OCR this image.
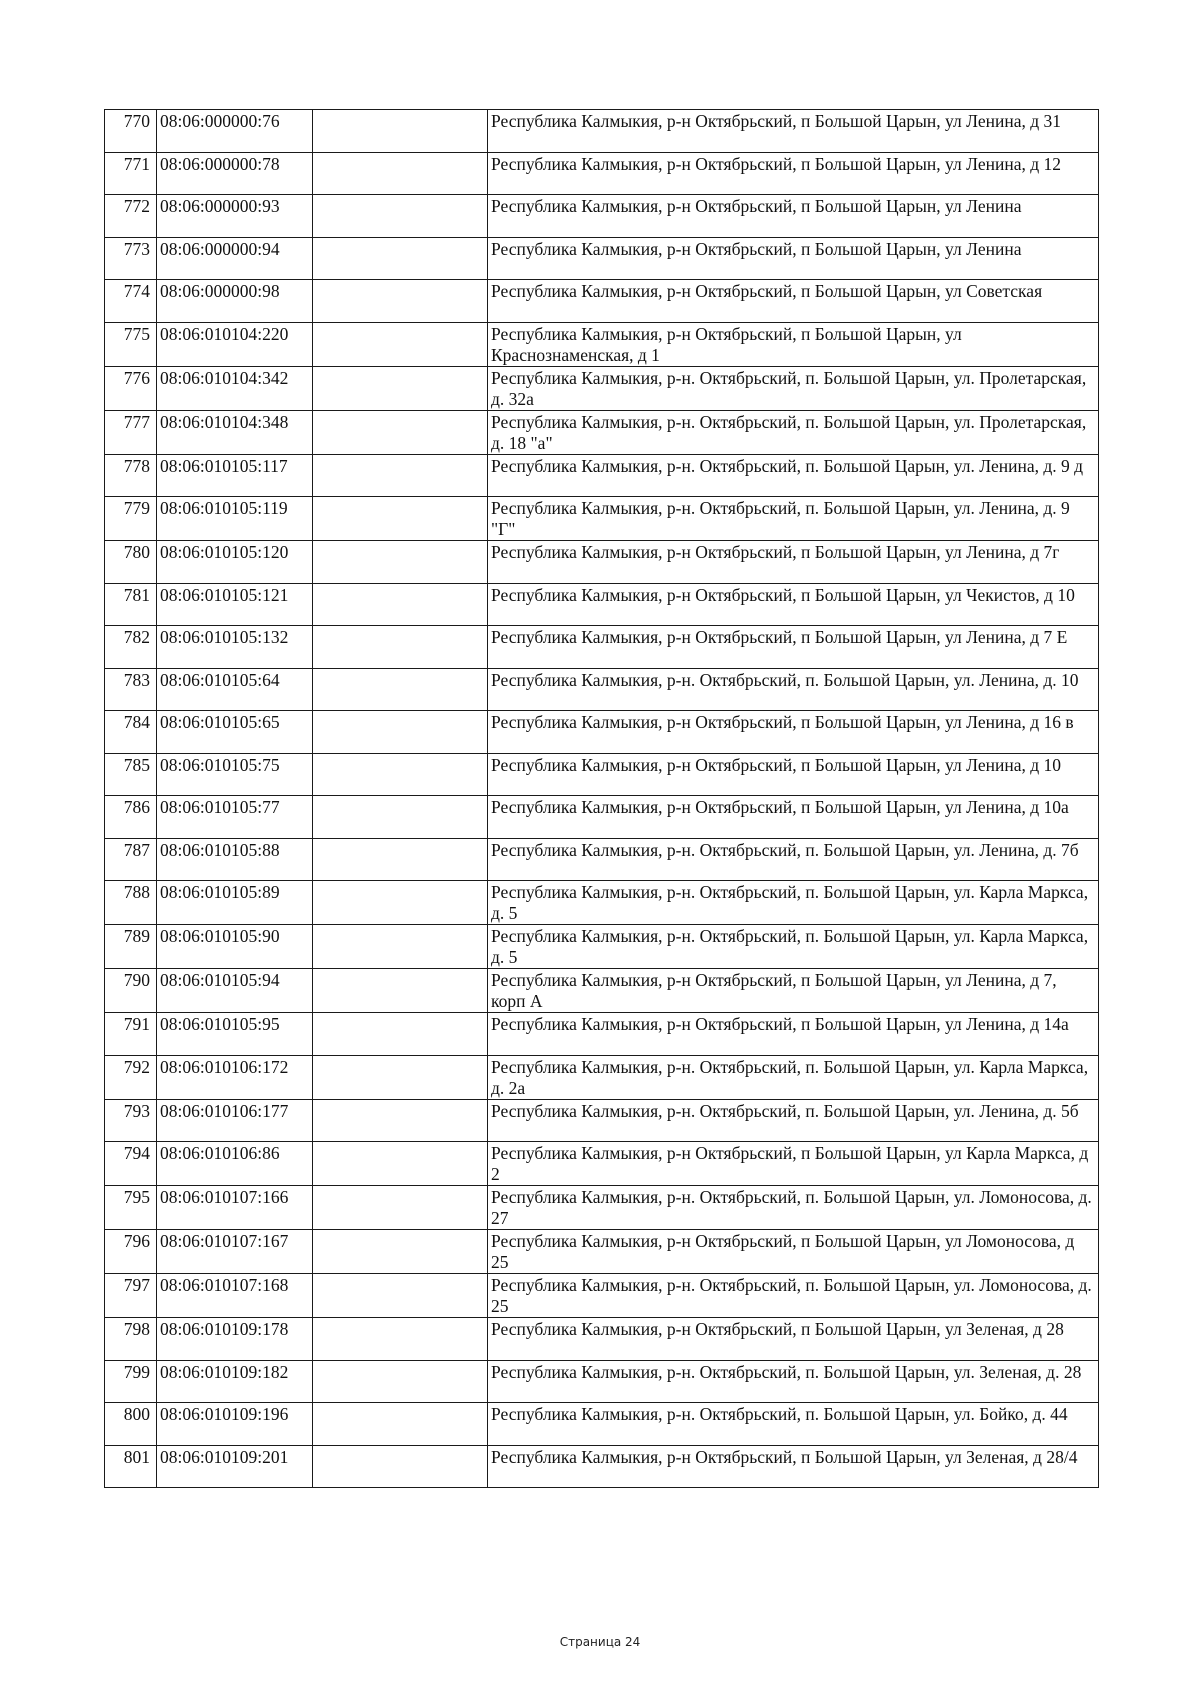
770	08:06:000000:76		Республика Калмыкия, р-н Октябрьский, п Большой Царын, ул Ленина, д 31
771	08:06:000000:78		Республика Калмыкия, р-н Октябрьский, п Большой Царын, ул Ленина, д 12
772	08:06:000000:93		Республика Калмыкия, р-н Октябрьский, п Большой Царын, ул Ленина
773	08:06:000000:94		Республика Калмыкия, р-н Октябрьский, п Большой Царын, ул Ленина
774	08:06:000000:98		Республика Калмыкия, р-н Октябрьский, п Большой Царын, ул Советская
775	08:06:010104:220		Республика Калмыкия, р-н Октябрьский, п Большой Царын, ул Краснознаменская, д 1
776	08:06:010104:342		Республика Калмыкия, р-н. Октябрьский, п. Большой Царын, ул. Пролетарская, д. 32а
777	08:06:010104:348		Республика Калмыкия, р-н. Октябрьский, п. Большой Царын, ул. Пролетарская, д. 18 "а"
778	08:06:010105:117		Республика Калмыкия, р-н. Октябрьский, п. Большой Царын, ул. Ленина, д. 9 д
779	08:06:010105:119		Республика Калмыкия, р-н. Октябрьский, п. Большой Царын, ул. Ленина, д. 9 "Г"
780	08:06:010105:120		Республика Калмыкия, р-н Октябрьский, п Большой Царын, ул Ленина, д 7г
781	08:06:010105:121		Республика Калмыкия, р-н Октябрьский, п Большой Царын, ул Чекистов, д 10
782	08:06:010105:132		Республика Калмыкия, р-н Октябрьский, п Большой Царын, ул Ленина, д 7 Е
783	08:06:010105:64		Республика Калмыкия, р-н. Октябрьский, п. Большой Царын, ул. Ленина, д. 10
784	08:06:010105:65		Республика Калмыкия, р-н Октябрьский, п Большой Царын, ул Ленина, д 16 в
785	08:06:010105:75		Республика Калмыкия, р-н Октябрьский, п Большой Царын, ул Ленина, д 10
786	08:06:010105:77		Республика Калмыкия, р-н Октябрьский, п Большой Царын, ул Ленина, д 10а
787	08:06:010105:88		Республика Калмыкия, р-н. Октябрьский, п. Большой Царын, ул. Ленина, д. 7б
788	08:06:010105:89		Республика Калмыкия, р-н. Октябрьский, п. Большой Царын, ул. Карла Маркса, д. 5
789	08:06:010105:90		Республика Калмыкия, р-н. Октябрьский, п. Большой Царын, ул. Карла Маркса, д. 5
790	08:06:010105:94		Республика Калмыкия, р-н Октябрьский, п Большой Царын, ул Ленина, д 7, корп А
791	08:06:010105:95		Республика Калмыкия, р-н Октябрьский, п Большой Царын, ул Ленина, д 14а
792	08:06:010106:172		Республика Калмыкия, р-н. Октябрьский, п. Большой Царын, ул. Карла Маркса, д. 2а
793	08:06:010106:177		Республика Калмыкия, р-н. Октябрьский, п. Большой Царын, ул. Ленина, д. 5б
794	08:06:010106:86		Республика Калмыкия, р-н Октябрьский, п Большой Царын, ул Карла Маркса, д 2
795	08:06:010107:166		Республика Калмыкия, р-н. Октябрьский, п. Большой Царын, ул. Ломоносова, д. 27
796	08:06:010107:167		Республика Калмыкия, р-н Октябрьский, п Большой Царын, ул Ломоносова, д 25
797	08:06:010107:168		Республика Калмыкия, р-н. Октябрьский, п. Большой Царын, ул. Ломоносова, д. 25
798	08:06:010109:178		Республика Калмыкия, р-н Октябрьский, п Большой Царын, ул Зеленая, д 28
799	08:06:010109:182		Республика Калмыкия, р-н. Октябрьский, п. Большой Царын, ул. Зеленая, д. 28
800	08:06:010109:196		Республика Калмыкия, р-н. Октябрьский, п. Большой Царын, ул. Бойко, д. 44
801	08:06:010109:201		Республика Калмыкия, р-н Октябрьский, п Большой Царын, ул Зеленая, д 28/4
Страница 24
